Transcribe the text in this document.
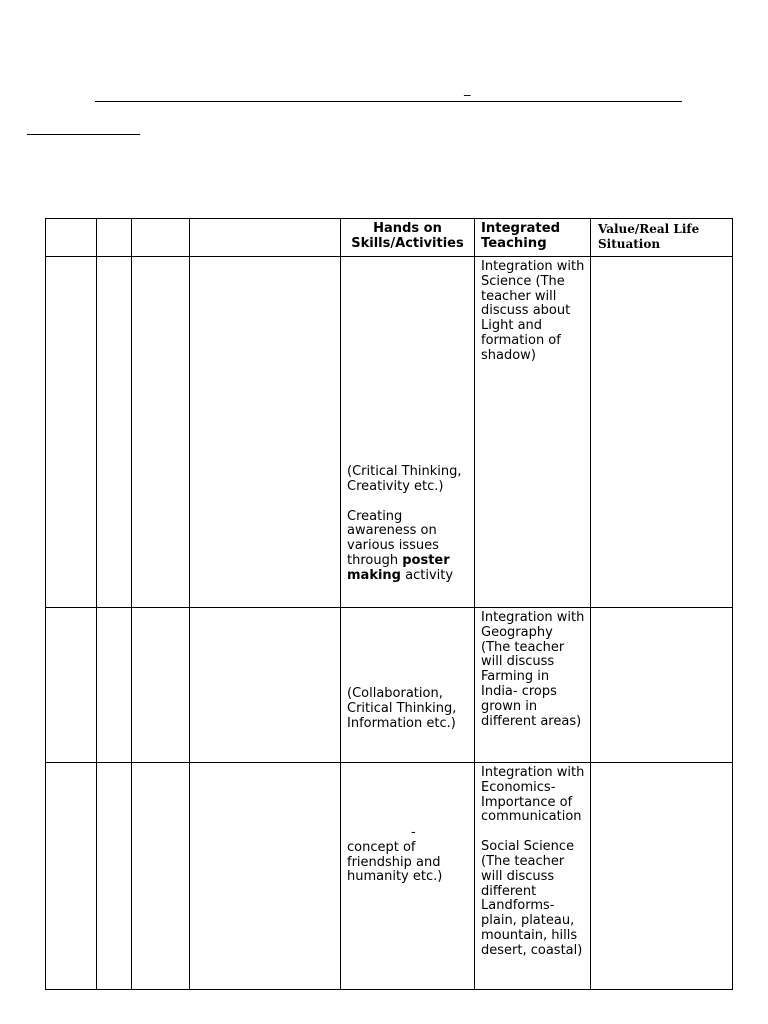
_
				Hands on Skills/Activities	Integrated Teaching	Value/Real Life Situation

				(Critical Thinking, Creativity etc.)
Creating awareness on various issues through poster making activity	Integration with Science (The teacher will discuss about Light and formation of shadow)	

				(Collaboration, Critical Thinking, Information etc.)	Integration with Geography (The teacher will discuss Farming in India- crops grown in different areas)	

				-
concept of friendship and humanity etc.)	Integration with Economics- Importance of communication
Social Science (The teacher will discuss different Landforms- plain, plateau, mountain, hills desert, coastal)	
